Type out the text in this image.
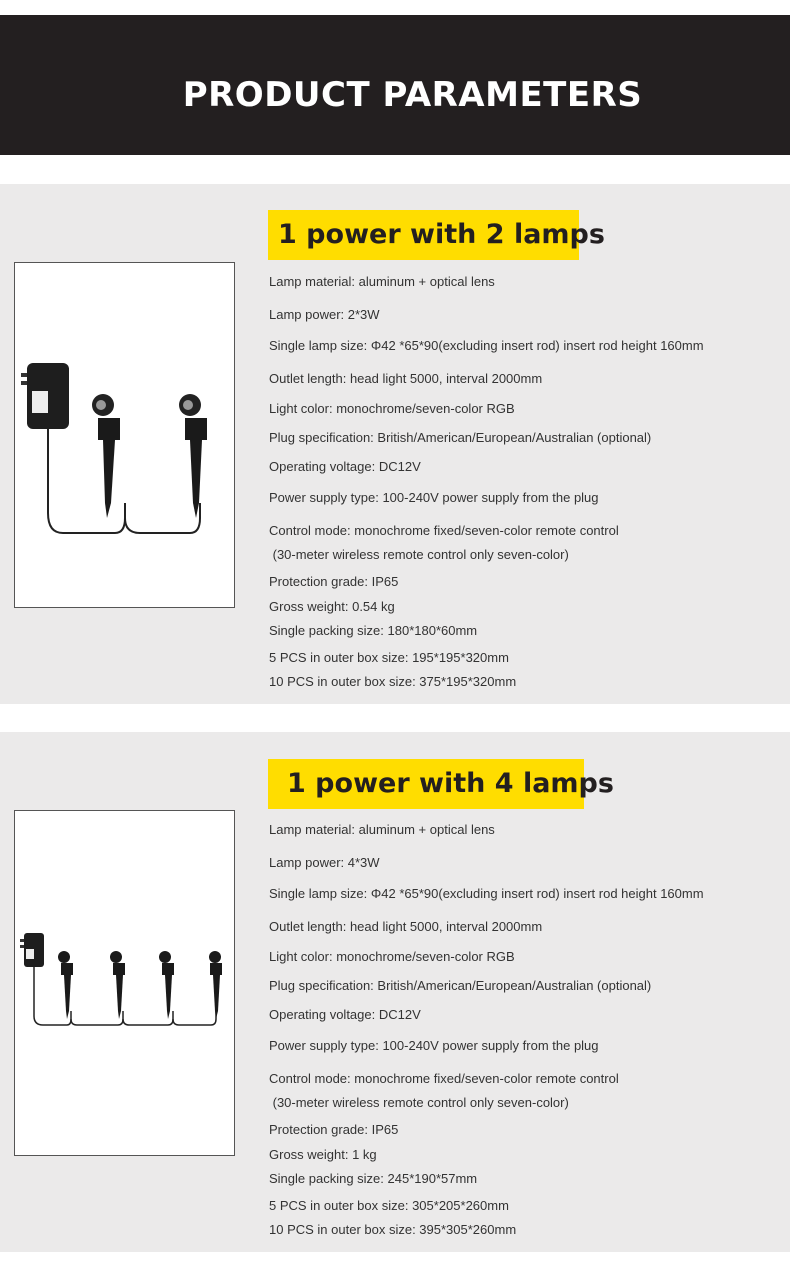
PRODUCT PARAMETERS
1 power with 2 lamps
Lamp material: aluminum + optical lens
Lamp power: 2*3W
Single lamp size: Φ42 *65*90(excluding insert rod) insert rod height 160mm
Outlet length: head light 5000, interval 2000mm
Light color: monochrome/seven-color RGB
Plug specification: British/American/European/Australian (optional)
Operating voltage: DC12V
Power supply type: 100-240V power supply from the plug
Control mode: monochrome fixed/seven-color remote control
(30-meter wireless remote control only seven-color)
Protection grade: IP65
Gross weight: 0.54 kg
Single packing size: 180*180*60mm
5 PCS in outer box size: 195*195*320mm
10 PCS in outer box size: 375*195*320mm
1 power with 4 lamps
Lamp material: aluminum + optical lens
Lamp power: 4*3W
Single lamp size: Φ42 *65*90(excluding insert rod) insert rod height 160mm
Outlet length: head light 5000, interval 2000mm
Light color: monochrome/seven-color RGB
Plug specification: British/American/European/Australian (optional)
Operating voltage: DC12V
Power supply type: 100-240V power supply from the plug
Control mode: monochrome fixed/seven-color remote control
(30-meter wireless remote control only seven-color)
Protection grade: IP65
Gross weight: 1 kg
Single packing size: 245*190*57mm
5 PCS in outer box size: 305*205*260mm
10 PCS in outer box size: 395*305*260mm
